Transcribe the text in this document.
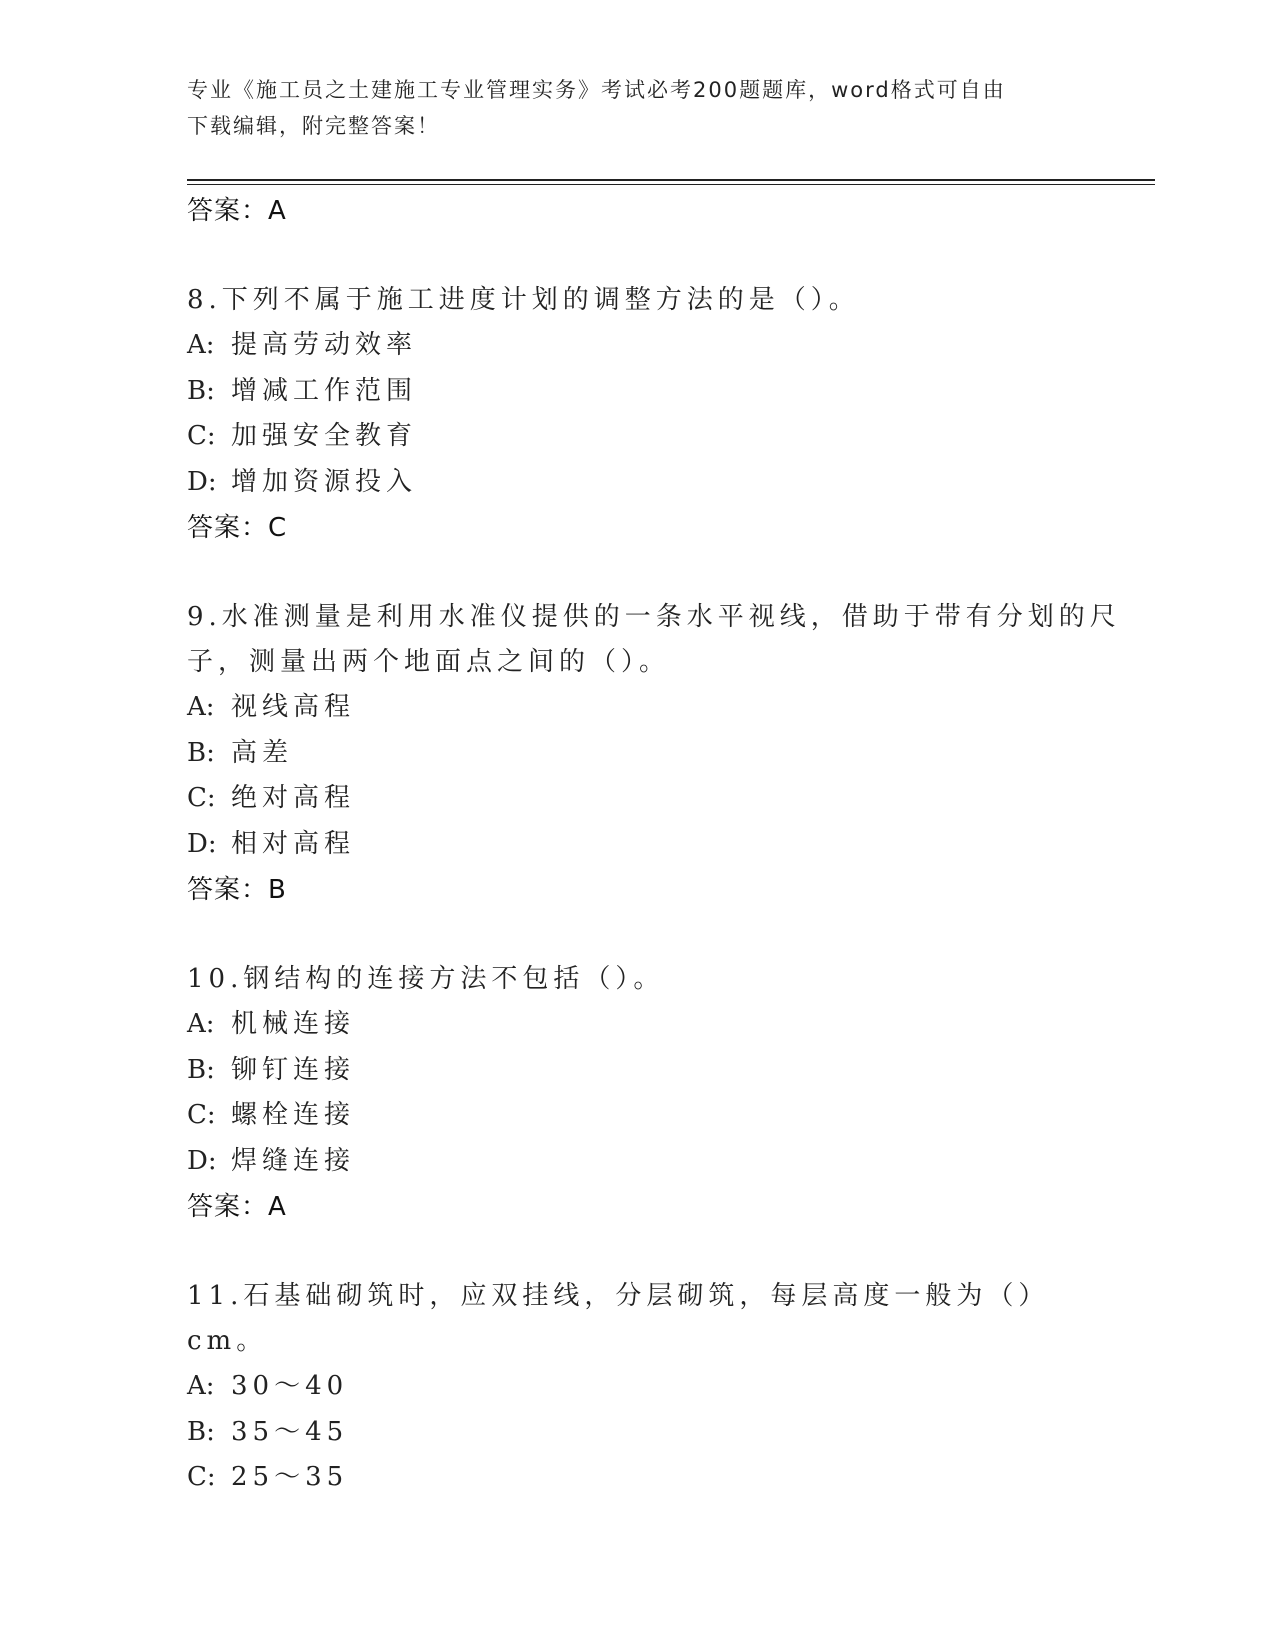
专业《施工员之土建施工专业管理实务》考试必考200题题库，word格式可自由
下载编辑，附完整答案！
答案：A
8.下列不属于施工进度计划的调整方法的是（）。
A: 提高劳动效率
B: 增减工作范围
C: 加强安全教育
D: 增加资源投入
答案：C
9.水准测量是利用水准仪提供的一条水平视线，借助于带有分划的尺
子，测量出两个地面点之间的（）。
A: 视线高程
B: 高差
C: 绝对高程
D: 相对高程
答案：B
10.钢结构的连接方法不包括（）。
A: 机械连接
B: 铆钉连接
C: 螺栓连接
D: 焊缝连接
答案：A
11.石基础砌筑时，应双挂线，分层砌筑，每层高度一般为（）cm。
A: 30～40
B: 35～45
C: 25～35
